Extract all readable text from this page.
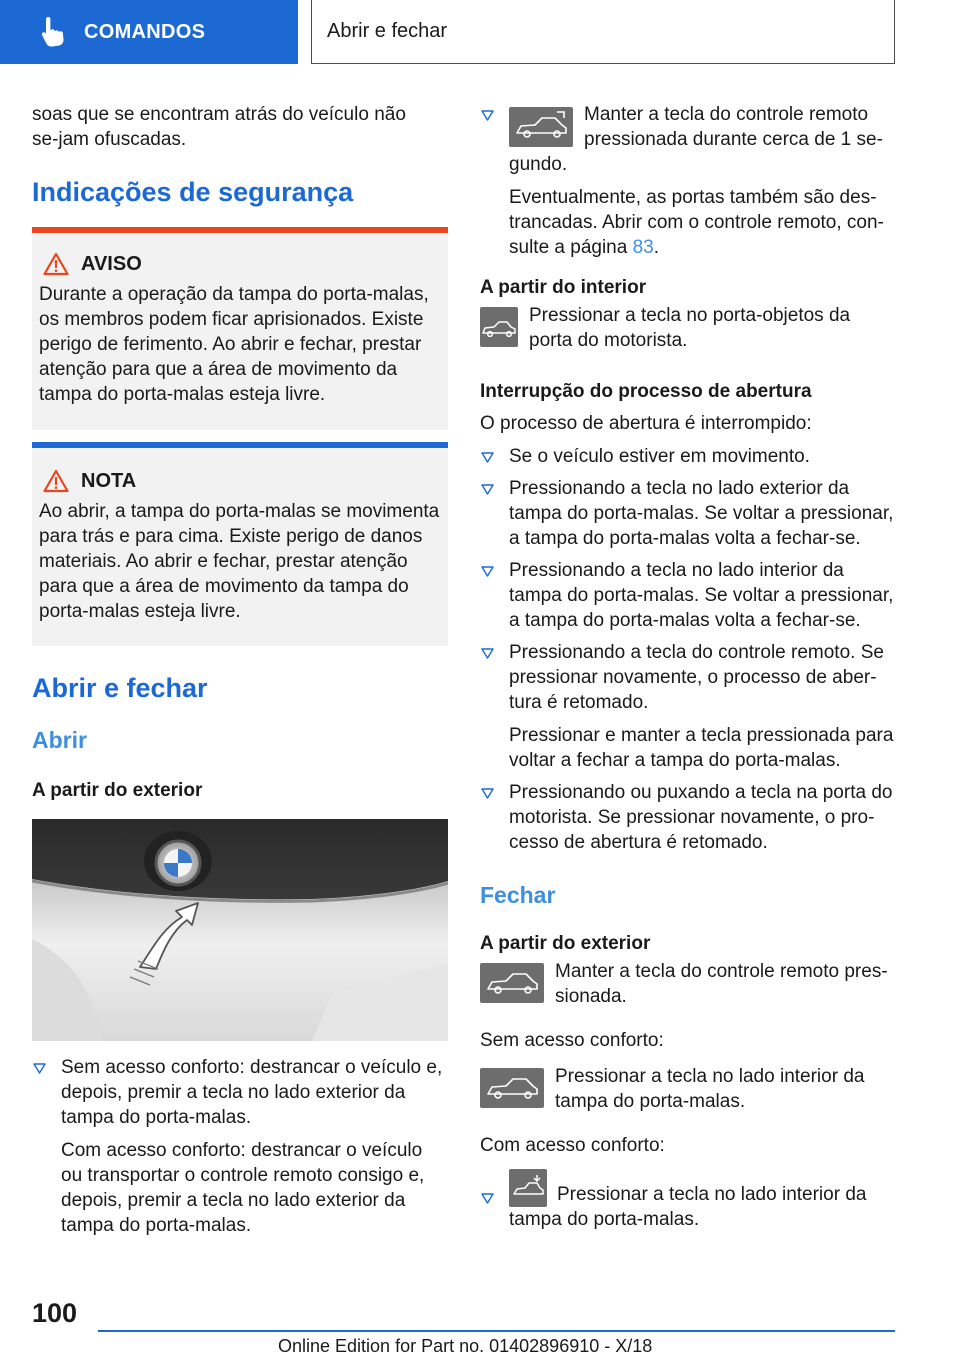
COMANDOS	Abrir e fechar

soas que se encontram atrás do veículo não se-jam ofuscadas.

Indicações de segurança
AVISO

Durante a operação da tampa do porta-malas, os membros podem ficar aprisionados. Existe perigo de ferimento. Ao abrir e fechar, prestar atenção para que a área de movimento da tampa do porta-malas esteja livre.

NOTA

Ao abrir, a tampa do porta-malas se movimenta para trás e para cima. Existe perigo de danos materiais. Ao abrir e fechar, prestar atenção para que a área de movimento da tampa do porta-malas esteja livre.

Abrir e fechar
Abrir
A partir do exterior

Sem acesso conforto: destrancar o veículo e, depois, premir a tecla no lado exterior da tampa do porta-malas.

Com acesso conforto: destrancar o veículo ou transportar o controle remoto consigo e, depois, premir a tecla no lado exterior da tampa do porta-malas.

Manter a tecla do controle remoto pressionada durante cerca de 1 se-

gundo.

Eventualmente, as portas também são des-trancadas. Abrir com o controle remoto, con-sulte a página 83.

A partir do interior

Pressionar a tecla no porta-objetos da porta do motorista.

Interrupção do processo de abertura

O processo de abertura é interrompido:

Se o veículo estiver em movimento.

Pressionando a tecla no lado exterior da tampa do porta-malas. Se voltar a pressionar, a tampa do porta-malas volta a fechar-se.

Pressionando a tecla no lado interior da tampa do porta-malas. Se voltar a pressionar, a tampa do porta-malas volta a fechar-se.

Pressionando a tecla do controle remoto. Se pressionar novamente, o processo de aber-tura é retomado.

Pressionar e manter a tecla pressionada para voltar a fechar a tampa do porta-malas.

Pressionando ou puxando a tecla na porta do motorista. Se pressionar novamente, o pro-cesso de abertura é retomado.

Fechar
A partir do exterior

Manter a tecla do controle remoto pres-sionada.

Sem acesso conforto:

Pressionar a tecla no lado interior da tampa do porta-malas.

Com acesso conforto:

Pressionar a tecla no lado interior da

tampa do porta-malas.

100
Online Edition for Part no. 01402896910 - X/18
